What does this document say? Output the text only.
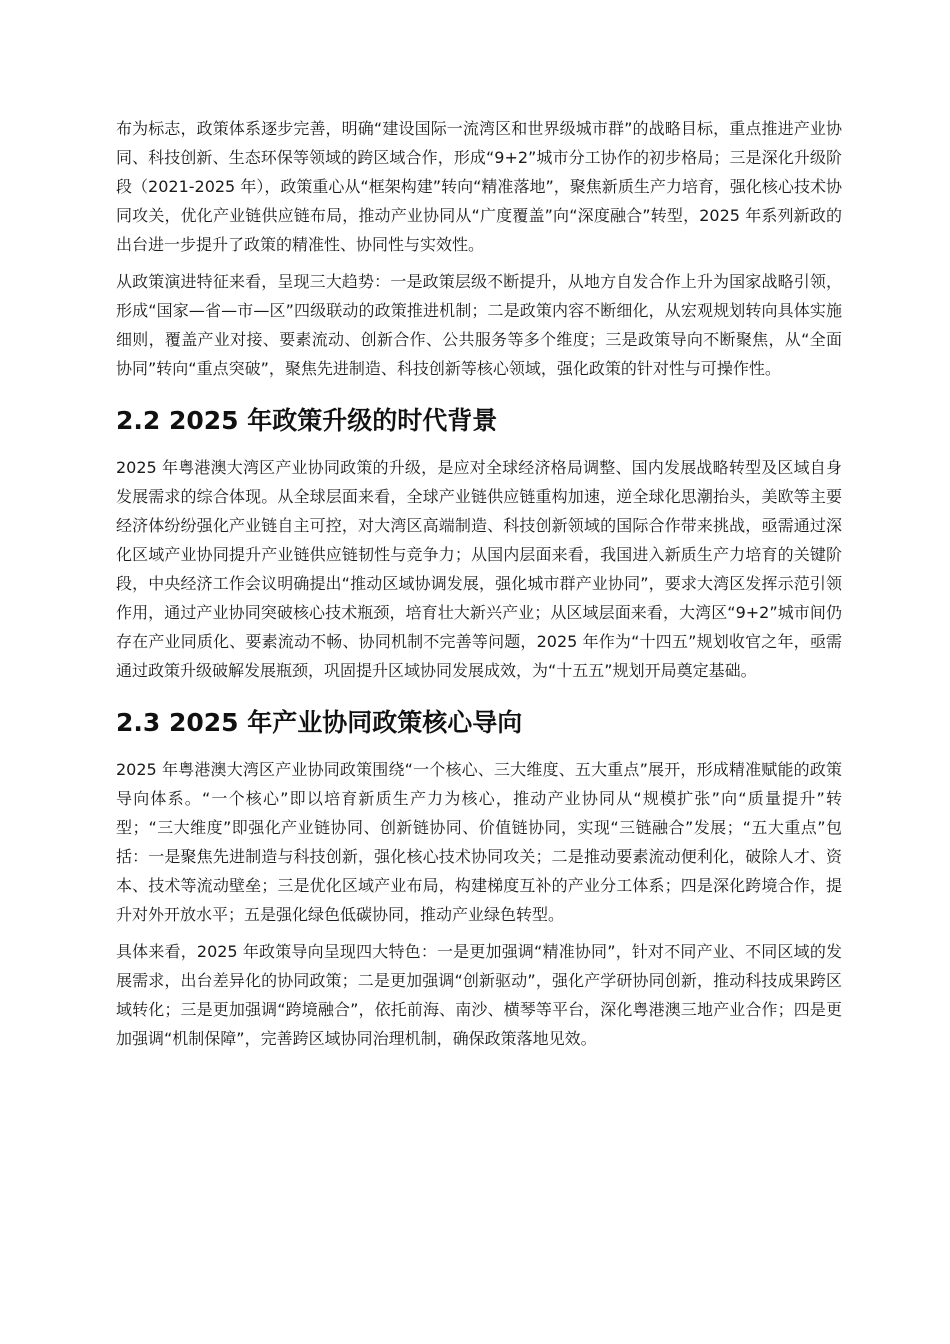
布为标志，政策体系逐步完善，明确“建设国际一流湾区和世界级城市群”的战略目标，重点推进产业协同、科技创新、生态环保等领域的跨区域合作，形成“9+2”城市分工协作的初步格局；三是深化升级阶段（2021-2025 年），政策重心从“框架构建”转向“精准落地”，聚焦新质生产力培育，强化核心技术协同攻关，优化产业链供应链布局，推动产业协同从“广度覆盖”向“深度融合”转型，2025 年系列新政的出台进一步提升了政策的精准性、协同性与实效性。

从政策演进特征来看，呈现三大趋势：一是政策层级不断提升，从地方自发合作上升为国家战略引领，形成“国家—省—市—区”四级联动的政策推进机制；二是政策内容不断细化，从宏观规划转向具体实施细则，覆盖产业对接、要素流动、创新合作、公共服务等多个维度；三是政策导向不断聚焦，从“全面协同”转向“重点突破”，聚焦先进制造、科技创新等核心领域，强化政策的针对性与可操作性。

2.2 2025 年政策升级的时代背景

2025 年粤港澳大湾区产业协同政策的升级，是应对全球经济格局调整、国内发展战略转型及区域自身发展需求的综合体现。从全球层面来看，全球产业链供应链重构加速，逆全球化思潮抬头，美欧等主要经济体纷纷强化产业链自主可控，对大湾区高端制造、科技创新领域的国际合作带来挑战，亟需通过深化区域产业协同提升产业链供应链韧性与竞争力；从国内层面来看，我国进入新质生产力培育的关键阶段，中央经济工作会议明确提出“推动区域协调发展，强化城市群产业协同”，要求大湾区发挥示范引领作用，通过产业协同突破核心技术瓶颈，培育壮大新兴产业；从区域层面来看，大湾区“9+2”城市间仍存在产业同质化、要素流动不畅、协同机制不完善等问题，2025 年作为“十四五”规划收官之年，亟需通过政策升级破解发展瓶颈，巩固提升区域协同发展成效，为“十五五”规划开局奠定基础。

2.3 2025 年产业协同政策核心导向

2025 年粤港澳大湾区产业协同政策围绕“一个核心、三大维度、五大重点”展开，形成精准赋能的政策导向体系。“一个核心”即以培育新质生产力为核心，推动产业协同从“规模扩张”向“质量提升”转型；“三大维度”即强化产业链协同、创新链协同、价值链协同，实现“三链融合”发展；“五大重点”包括：一是聚焦先进制造与科技创新，强化核心技术协同攻关；二是推动要素流动便利化，破除人才、资本、技术等流动壁垒；三是优化区域产业布局，构建梯度互补的产业分工体系；四是深化跨境合作，提升对外开放水平；五是强化绿色低碳协同，推动产业绿色转型。

具体来看，2025 年政策导向呈现四大特色：一是更加强调“精准协同”，针对不同产业、不同区域的发展需求，出台差异化的协同政策；二是更加强调“创新驱动”，强化产学研协同创新，推动科技成果跨区域转化；三是更加强调“跨境融合”，依托前海、南沙、横琴等平台，深化粤港澳三地产业合作；四是更加强调“机制保障”，完善跨区域协同治理机制，确保政策落地见效。
